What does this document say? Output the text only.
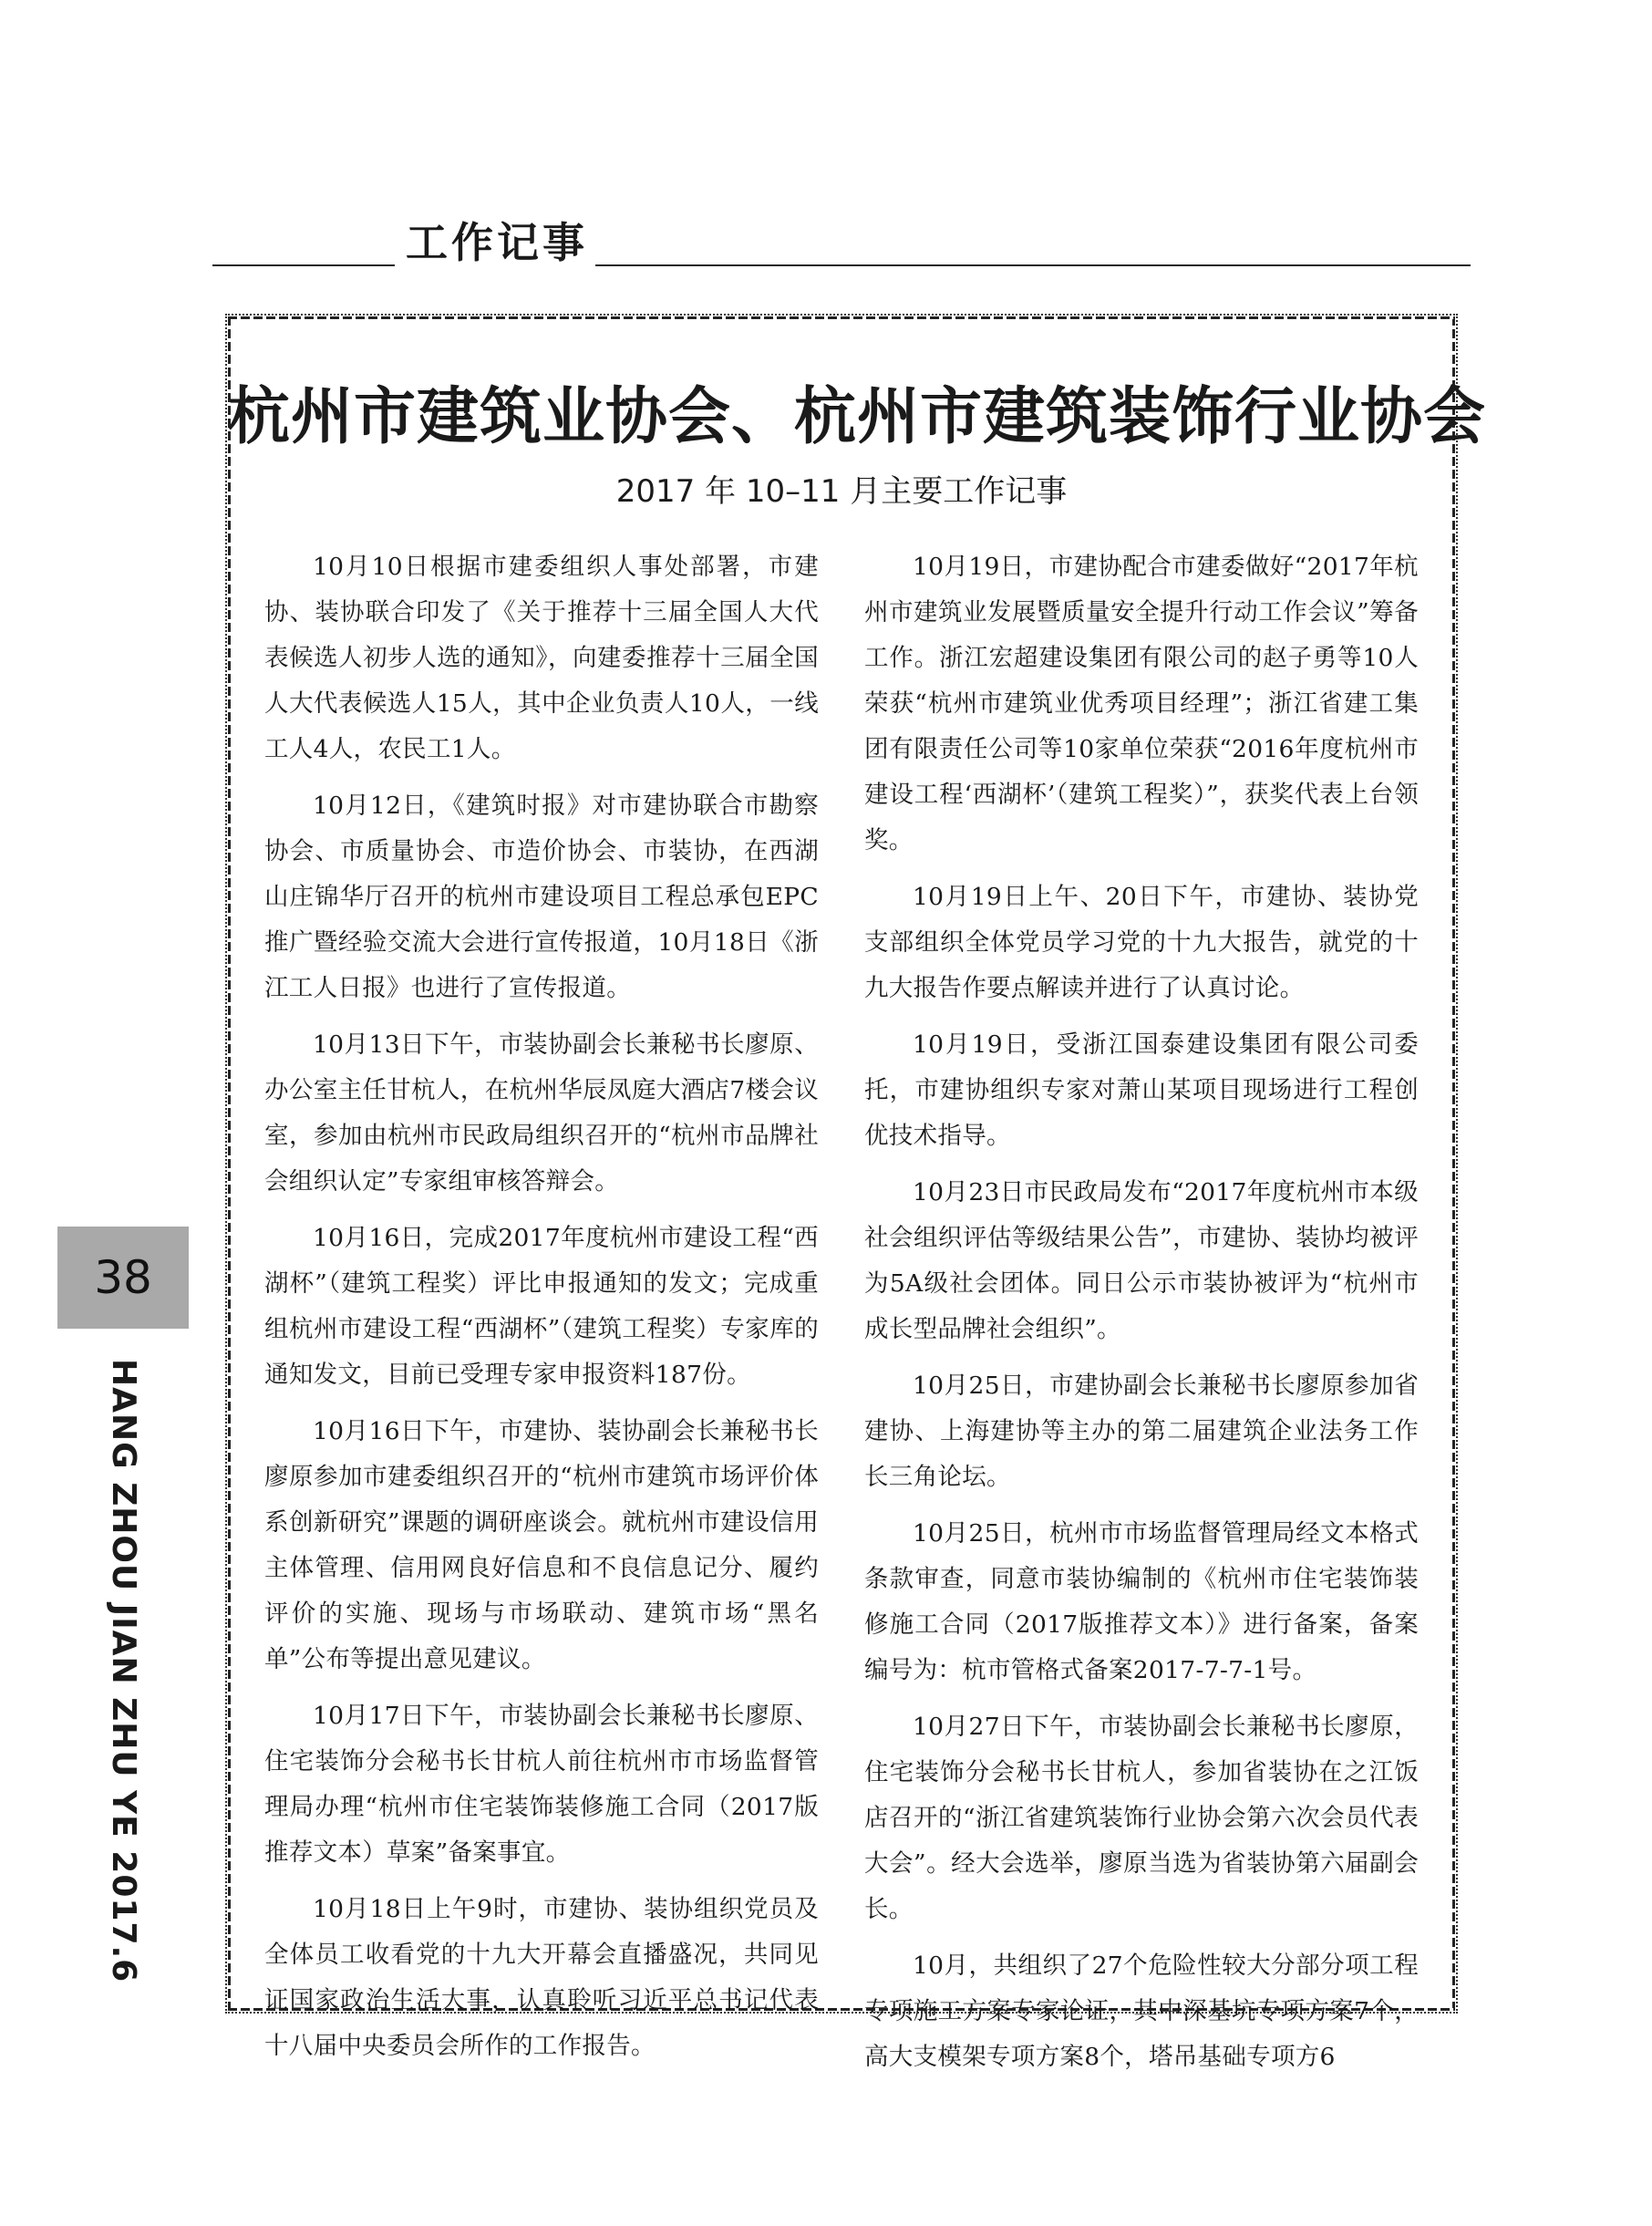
工作记事
杭州市建筑业协会、杭州市建筑装饰行业协会
2017 年 10–11 月主要工作记事

10月10日根据市建委组织人事处部署，市建协、装协联合印发了《关于推荐十三届全国人大代表候选人初步人选的通知》，向建委推荐十三届全国人大代表候选人15人，其中企业负责人10人，一线工人4人，农民工1人。

10月12日，《建筑时报》对市建协联合市勘察协会、市质量协会、市造价协会、市装协，在西湖山庄锦华厅召开的杭州市建设项目工程总承包EPC推广暨经验交流大会进行宣传报道，10月18日《浙江工人日报》也进行了宣传报道。

10月13日下午，市装协副会长兼秘书长廖原、办公室主任甘杭人，在杭州华辰凤庭大酒店7楼会议室，参加由杭州市民政局组织召开的“杭州市品牌社会组织认定”专家组审核答辩会。

10月16日，完成2017年度杭州市建设工程“西湖杯”（建筑工程奖）评比申报通知的发文；完成重组杭州市建设工程“西湖杯”（建筑工程奖）专家库的通知发文，目前已受理专家申报资料187份。

10月16日下午，市建协、装协副会长兼秘书长廖原参加市建委组织召开的“杭州市建筑市场评价体系创新研究”课题的调研座谈会。就杭州市建设信用主体管理、信用网良好信息和不良信息记分、履约评价的实施、现场与市场联动、建筑市场“黑名单”公布等提出意见建议。

10月17日下午，市装协副会长兼秘书长廖原、住宅装饰分会秘书长甘杭人前往杭州市市场监督管理局办理“杭州市住宅装饰装修施工合同（2017版推荐文本）草案”备案事宜。

10月18日上午9时，市建协、装协组织党员及全体员工收看党的十九大开幕会直播盛况，共同见证国家政治生活大事，认真聆听习近平总书记代表十八届中央委员会所作的工作报告。

10月19日，市建协配合市建委做好“2017年杭州市建筑业发展暨质量安全提升行动工作会议”筹备工作。浙江宏超建设集团有限公司的赵子勇等10人荣获“杭州市建筑业优秀项目经理”；浙江省建工集团有限责任公司等10家单位荣获“2016年度杭州市建设工程‘西湖杯’（建筑工程奖）”，获奖代表上台领奖。

10月19日上午、20日下午，市建协、装协党支部组织全体党员学习党的十九大报告，就党的十九大报告作要点解读并进行了认真讨论。

10月19日，受浙江国泰建设集团有限公司委托，市建协组织专家对萧山某项目现场进行工程创优技术指导。

10月23日市民政局发布“2017年度杭州市本级社会组织评估等级结果公告”，市建协、装协均被评为5A级社会团体。同日公示市装协被评为“杭州市成长型品牌社会组织”。

10月25日，市建协副会长兼秘书长廖原参加省建协、上海建协等主办的第二届建筑企业法务工作长三角论坛。

10月25日，杭州市市场监督管理局经文本格式条款审查，同意市装协编制的《杭州市住宅装饰装修施工合同（2017版推荐文本）》进行备案，备案编号为：杭市管格式备案2017-7-7-1号。

10月27日下午，市装协副会长兼秘书长廖原，住宅装饰分会秘书长甘杭人，参加省装协在之江饭店召开的“浙江省建筑装饰行业协会第六次会员代表大会”。经大会选举，廖原当选为省装协第六届副会长。

10月，共组织了27个危险性较大分部分项工程专项施工方案专家论证，其中深基坑专项方案7个，高大支模架专项方案8个，塔吊基础专项方6

38
HANG ZHOU JIAN ZHU YE 2017.6
